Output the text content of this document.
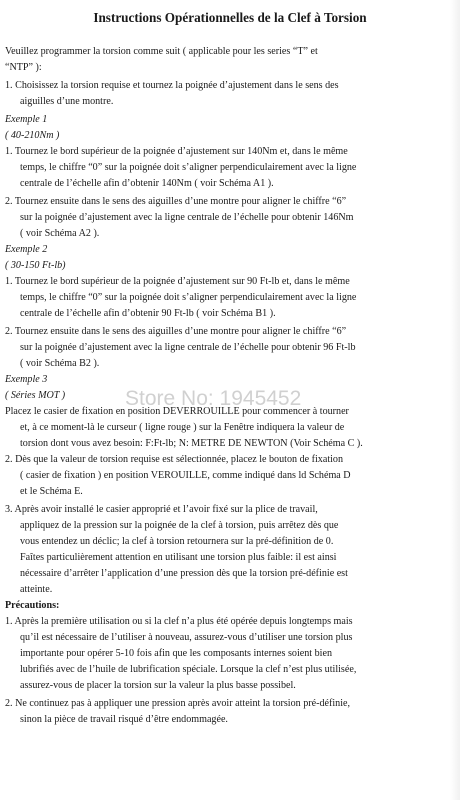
Instructions Opérationnelles de la Clef à Torsion

Veuillez programmer la torsion comme suit ( applicable pour les series “T” et

“NTP” ):

1. Choisissez la torsion requise et tournez la poignée d’ajustement dans le sens des

aiguilles d’une montre.

Exemple 1

( 40-210Nm )

1. Tournez le bord supérieur de la poignée d’ajustement sur 140Nm et, dans le même

temps, le chiffre “0” sur la poignée doit s’aligner perpendiculairement avec la ligne

centrale de l’échelle afin d’obtenir 140Nm ( voir Schéma A1 ).

2. Tournez ensuite dans le sens des aiguilles d’une montre pour aligner le chiffre “6”

sur la poignée d’ajustement avec la ligne centrale de l’échelle pour obtenir 146Nm

( voir Schéma A2 ).

Exemple 2

( 30-150 Ft-lb)

1. Tournez le bord supérieur de la poignée d’ajustement sur 90 Ft-lb et, dans le même

temps, le chiffre “0” sur la poignée doit s’aligner perpendiculairement avec la ligne

centrale de l’échelle afin d’obtenir 90 Ft-lb ( voir Schéma B1 ).

2. Tournez ensuite dans le sens des aiguilles d’une montre pour aligner le chiffre “6”

sur la poignée d’ajustement avec la ligne centrale de l’échelle pour obtenir 96 Ft-lb

( voir Schéma B2 ).

Exemple 3

( Séries MOT )

Placez le casier de fixation en position DEVERROUILLE pour commencer à tourner

et, à ce moment-là le curseur ( ligne rouge ) sur la Fenêtre indiquera la valeur de

torsion dont vous avez besoin: F:Ft-lb; N: METRE DE NEWTON (Voir Schéma C ).

2. Dès que la valeur de torsion requise est sélectionnée, placez le bouton de fixation

( casier de fixation ) en position VEROUILLE, comme indiqué dans ld Schéma D

et le Schéma E.

3. Après avoir installé le casier approprié et l’avoir fixé sur la plice de travail,

appliquez de la pression sur la poignée de la clef à torsion, puis arrêtez dès que

vous entendez un déclic; la clef à torsion retournera sur la pré-définition de 0.

Faîtes particulièrement attention en utilisant une torsion plus faible: il est ainsi

nécessaire d’arrêter l’application d’une pression dès que la torsion pré-définie est

atteinte.

Précautions:

1. Après la première utilisation ou si la clef n’a plus été opérée depuis longtemps mais

qu’il est nécessaire de l’utiliser à nouveau, assurez-vous d’utiliser une torsion plus

importante pour opérer 5-10 fois afin que les composants internes soient bien

lubrifiés avec de l’huile de lubrification spéciale. Lorsque la clef n’est plus utilisée,

assurez-vous de placer la torsion sur la valeur la plus basse possibel.

2. Ne continuez pas à appliquer une pression après avoir atteint la torsion pré-définie,

sinon la pièce de travail risqué d’être endommagée.

Store No: 1945452
